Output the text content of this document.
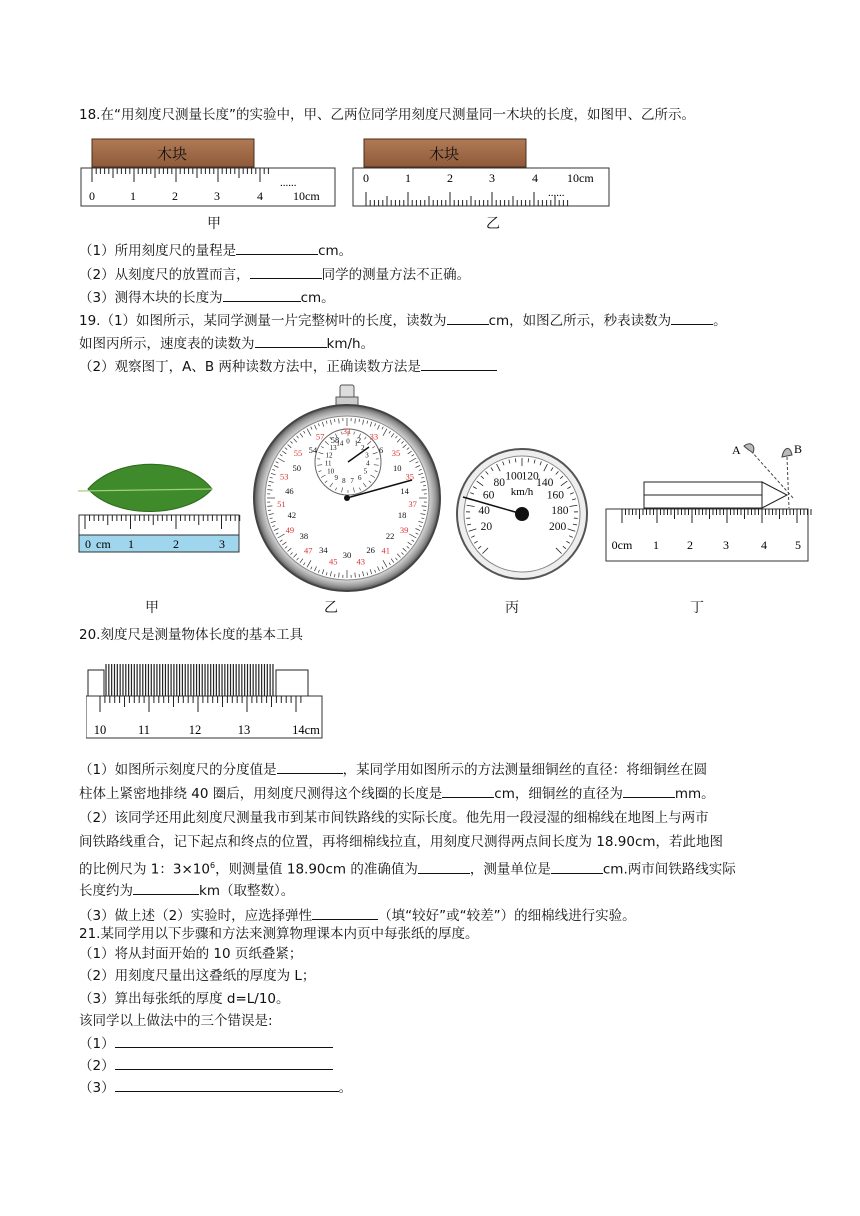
18.在“用刻度尺测量长度”的实验中，甲、乙两位同学用刻度尺测量同一木块的长度，如图甲、乙所示。
木块
0	1	2	3	4
......
10cm
甲
木块
0	1	2	3	4
......
10cm
乙
（1）所用刻度尺的量程是	cm。
（2）从刻度尺的放置而言，	同学的测量方法不正确。
（3）测得木块的长度为	cm。
19.（1）如图所示，某同学测量一片完整树叶的长度，读数为	cm，如图乙所示，秒表读数为	。
如图丙所示，速度表的读数为	km/h。
（2）观察图丁，A、B 两种读数方法中，正确读数方法是
0 cm 1	2	3
31
33
35
35
37
39
41
43
45
47
49
51
53
55
57	2
6
10
14
18
22
26
30
34
38
42
46
50
54
58 0 1
2
3
4
5
6
7
8
9
10
11
12
13
14
20
40
60
80
100
120
140
160
180
200
km/h
0cm 1 2	3	4 5
A	B
甲	乙	丙	丁
20.刻度尺是测量物体长度的基本工具
10	11	12	13	14cm
（1）如图所示刻度尺的分度值是	，某同学用如图所示的方法测量细铜丝的直径：将细铜丝在圆
柱体上紧密地排绕 40 圈后，用刻度尺测得这个线圈的长度是	cm，细铜丝的直径为	mm。
（2）该同学还用此刻度尺测量我市到某市间铁路线的实际长度。他先用一段浸湿的细棉线在地图上与两市
间铁路线重合，记下起点和终点的位置，再将细棉线拉直，用刻度尺测得两点间长度为 18.90cm，若此地图
的比例尺为 1：$3\times 10^6$，则测量值 18.90cm 的准确值为	，测量单位是	cm.两市间铁路线实际
长度约为	km（取整数）。
（3）做上述（2）实验时，应选择弹性	（填“较好”或“较差”）的细棉线进行实验。
21.某同学用以下步骤和方法来测算物理课本内页中每张纸的厚度。
（1）将从封面开始的 10 页纸叠紧；
（2）用刻度尺量出这叠纸的厚度为 L；
（3）算出每张纸的厚度 d=L/10。
该同学以上做法中的三个错误是:
（1）
（2）
（3）	。
